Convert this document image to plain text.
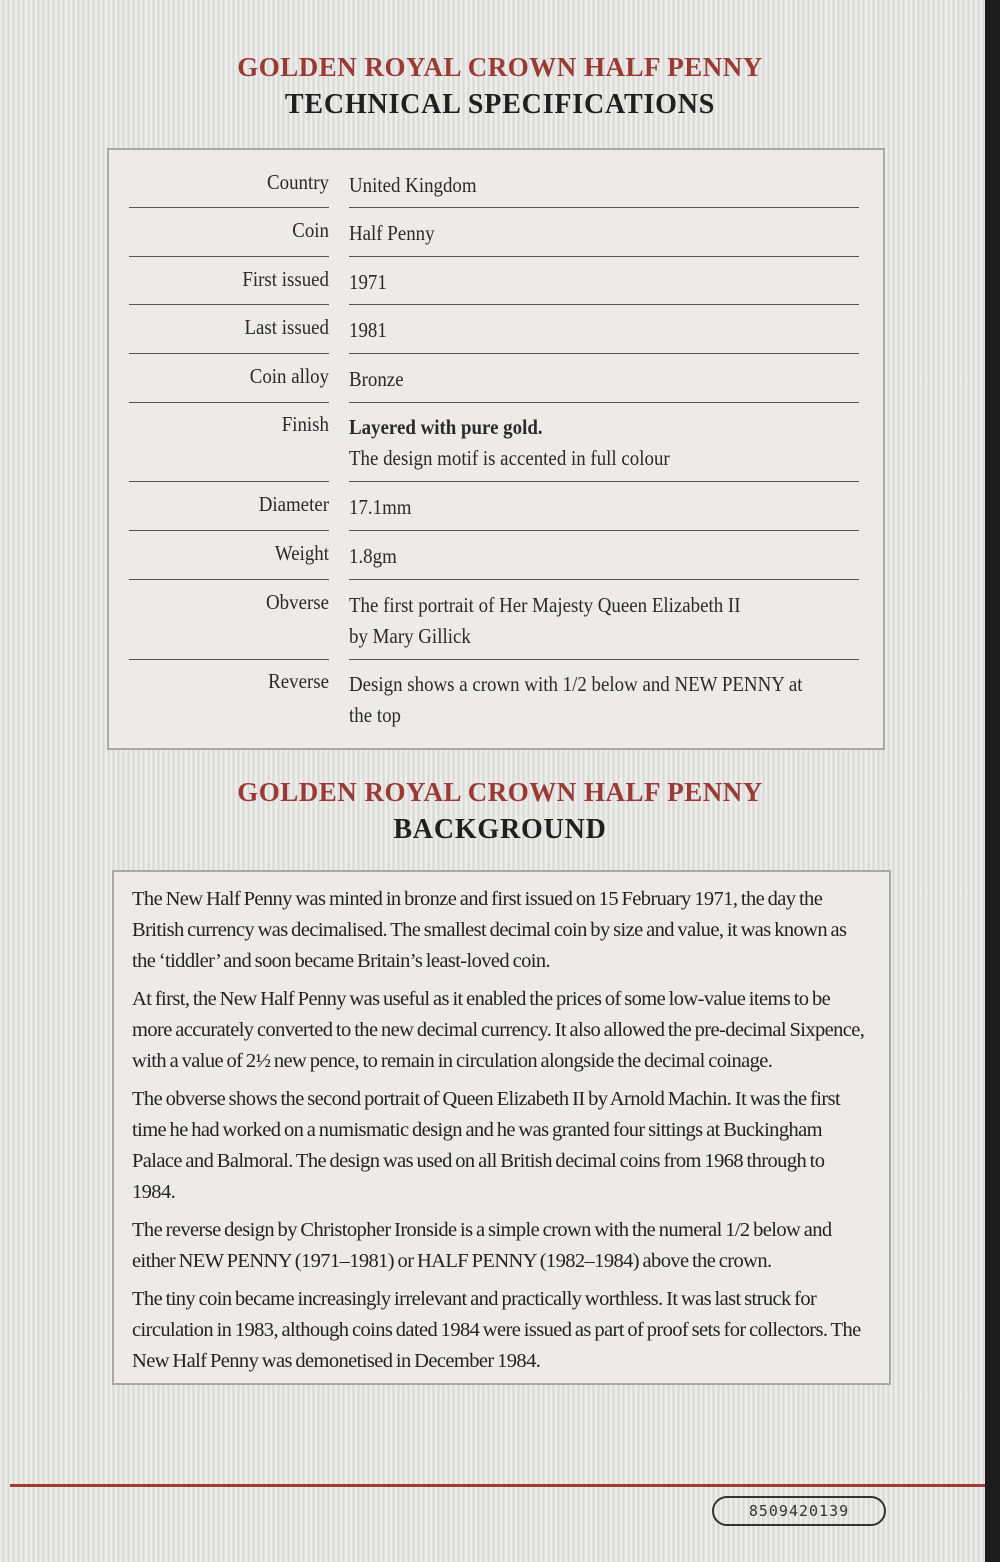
GOLDEN ROYAL CROWN HALF PENNY
TECHNICAL SPECIFICATIONS
Country United Kingdom
Coin Half Penny
First issued 1971
Last issued 1981
Coin alloy Bronze
Finish Layered with pure gold.
The design motif is accented in full colour
Diameter 17.1mm
Weight 1.8gm
Obverse The first portrait of Her Majesty Queen Elizabeth II
by Mary Gillick
Reverse Design shows a crown with 1/2 below and NEW PENNY at the top
GOLDEN ROYAL CROWN HALF PENNY
BACKGROUND

The New Half Penny was minted in bronze and first issued on 15 February 1971, the day the British currency was decimalised. The smallest decimal coin by size and value, it was known as the ‘tiddler’ and soon became Britain’s least-loved coin.

At first, the New Half Penny was useful as it enabled the prices of some low-value items to be more accurately converted to the new decimal currency. It also allowed the pre-decimal Sixpence, with a value of 2½ new pence, to remain in circulation alongside the decimal coinage.

The obverse shows the second portrait of Queen Elizabeth II by Arnold Machin. It was the first time he had worked on a numismatic design and he was granted four sittings at Buckingham Palace and Balmoral. The design was used on all British decimal coins from 1968 through to 1984.

The reverse design by Christopher Ironside is a simple crown with the numeral 1/2 below and either NEW PENNY (1971–1981) or HALF PENNY (1982–1984) above the crown.

The tiny coin became increasingly irrelevant and practically worthless. It was last struck for circulation in 1983, although coins dated 1984 were issued as part of proof sets for collectors. The New Half Penny was demonetised in December 1984.

8509420139
